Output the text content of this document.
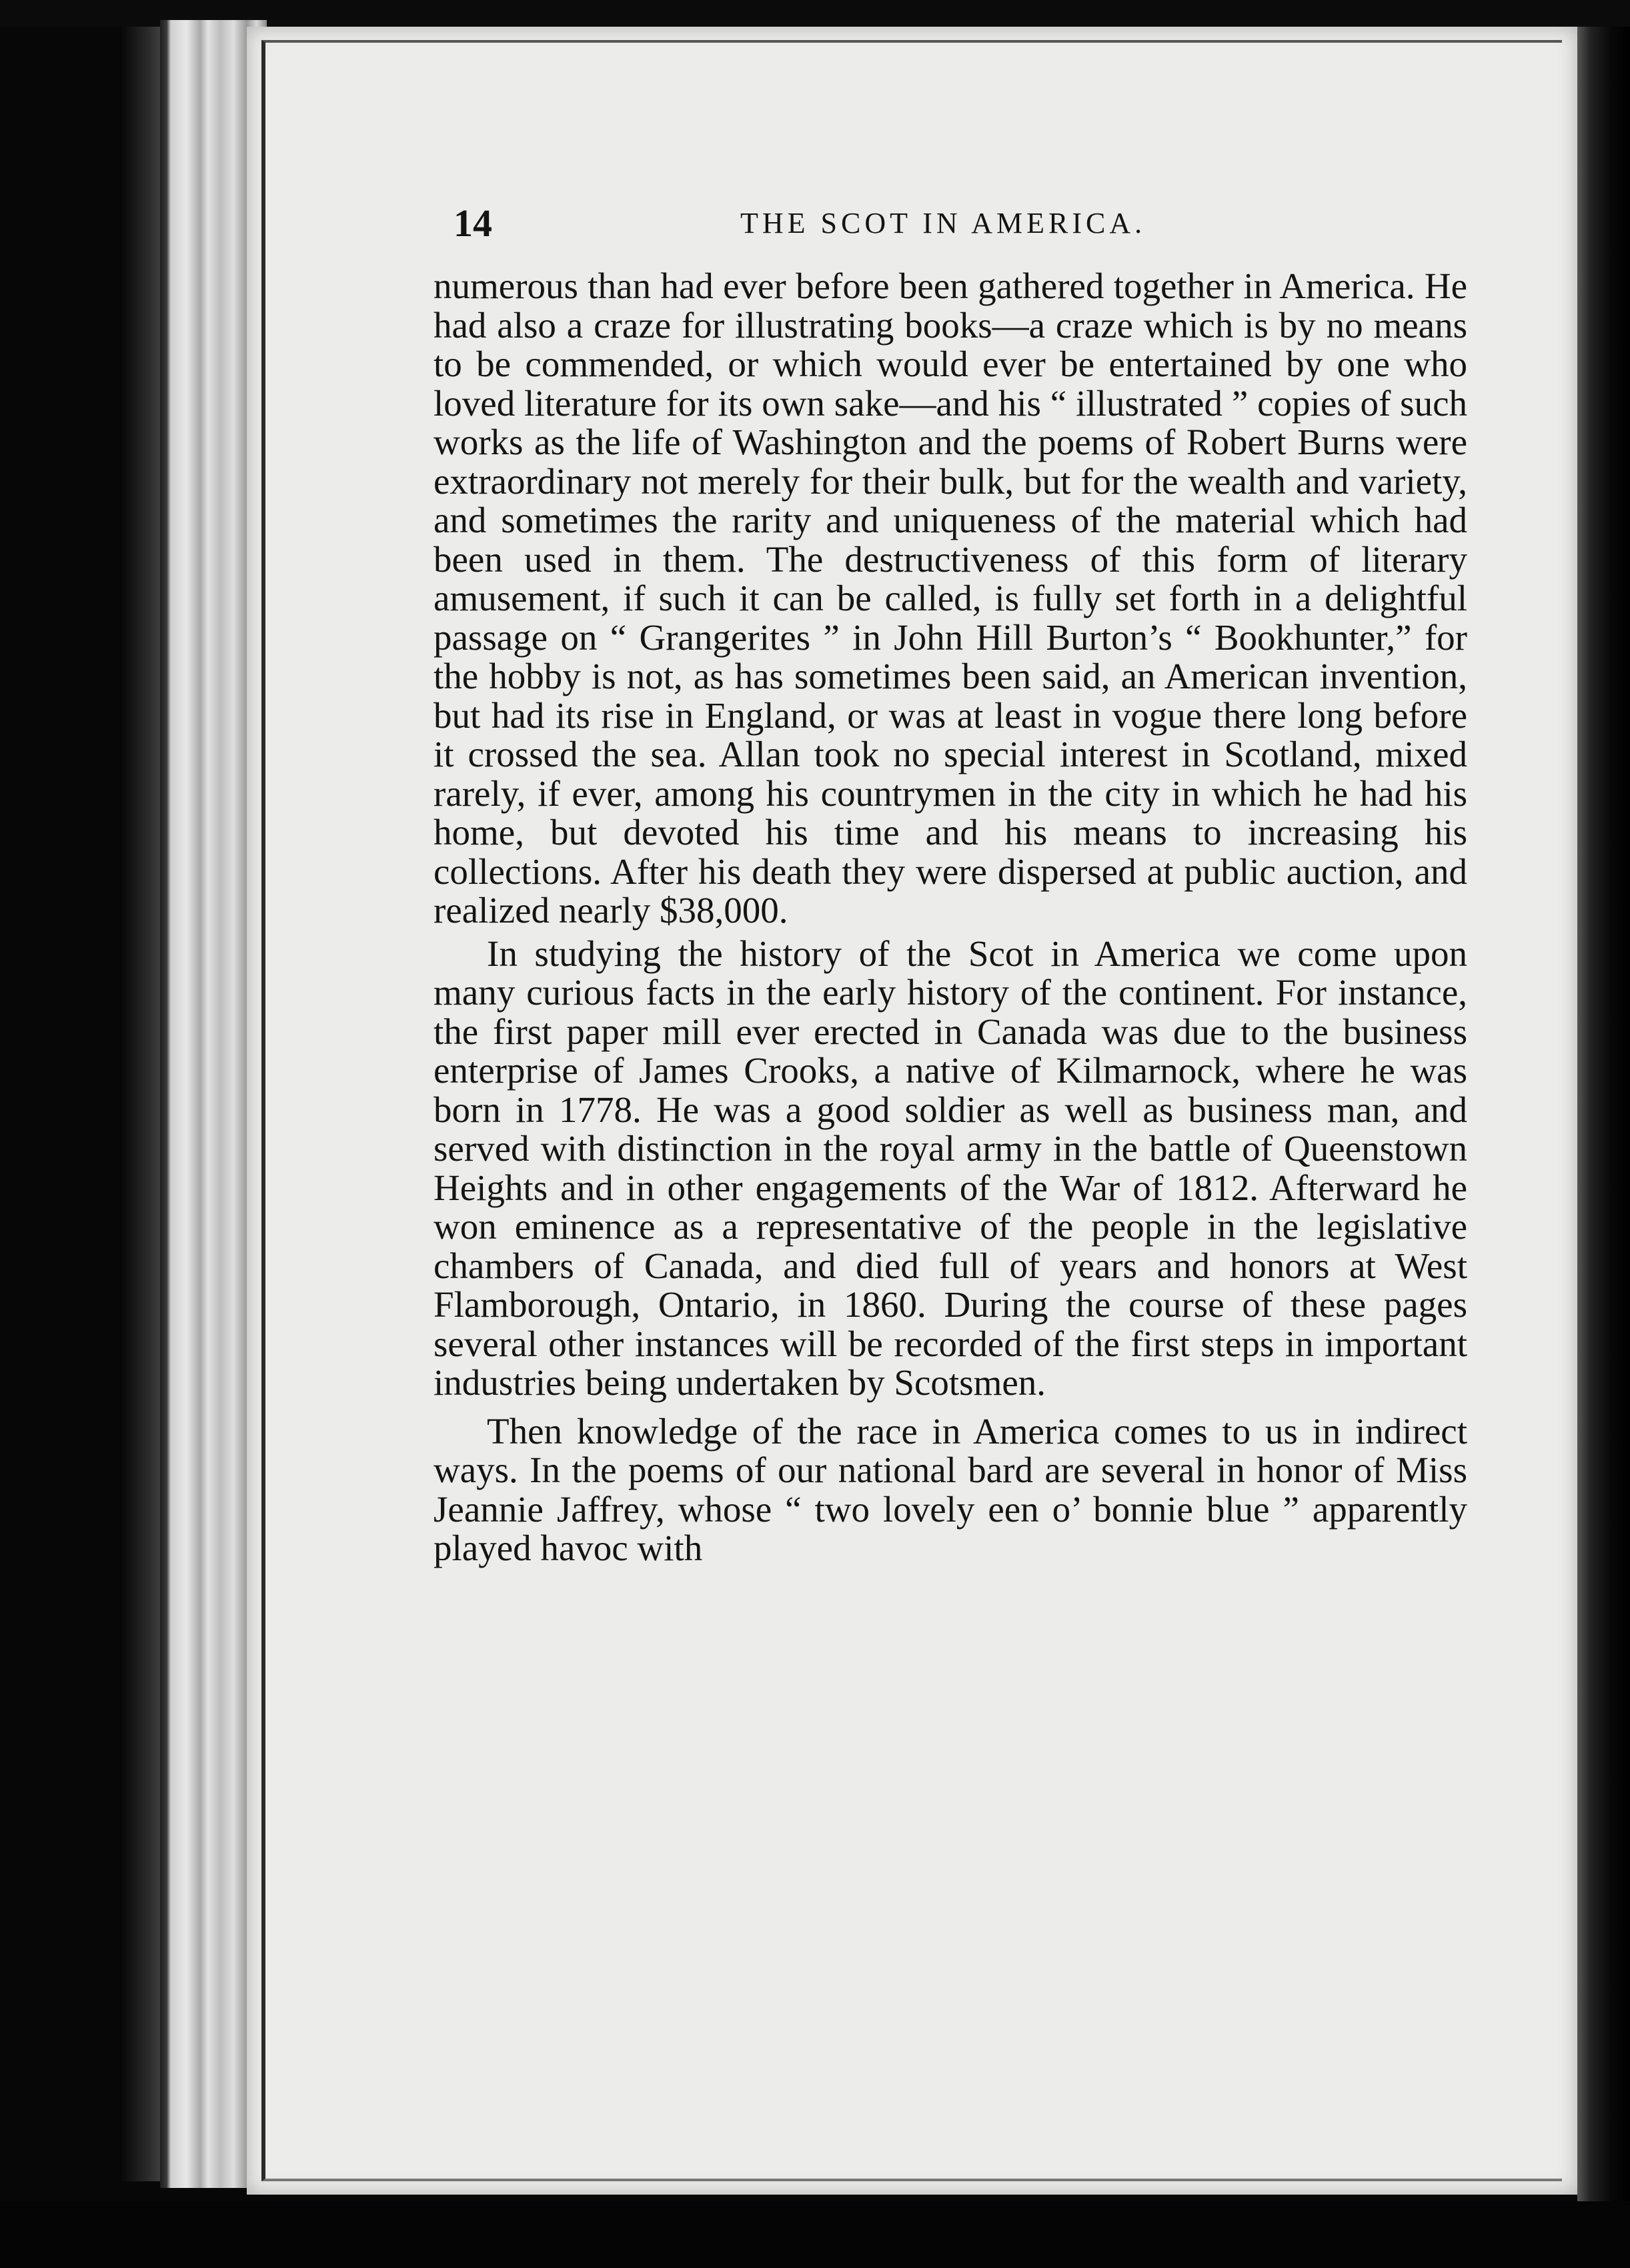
14	THE SCOT IN AMERICA.

numerous than had ever before been gathered together in America. He had also a craze for illustrating books—a craze which is by no means to be commended, or which would ever be entertained by one who loved literature for its own sake—and his “ illustrated ” copies of such works as the life of Washington and the poems of Robert Burns were extraordinary not merely for their bulk, but for the wealth and variety, and sometimes the rarity and uniqueness of the material which had been used in them. The destructiveness of this form of literary amusement, if such it can be called, is fully set forth in a delightful passage on “ Grangerites ” in John Hill Burton’s “ Bookhunter,” for the hobby is not, as has sometimes been said, an American invention, but had its rise in England, or was at least in vogue there long before it crossed the sea. Allan took no special interest in Scotland, mixed rarely, if ever, among his countrymen in the city in which he had his home, but devoted his time and his means to increasing his collections. After his death they were dispersed at public auction, and realized nearly $38,000.

In studying the history of the Scot in America we come upon many curious facts in the early history of the continent. For instance, the first paper mill ever erected in Canada was due to the business enterprise of James Crooks, a native of Kilmarnock, where he was born in 1778. He was a good soldier as well as business man, and served with distinction in the royal army in the battle of Queenstown Heights and in other engagements of the War of 1812. Afterward he won eminence as a representative of the people in the legislative chambers of Canada, and died full of years and honors at West Flamborough, Ontario, in 1860. During the course of these pages several other instances will be recorded of the first steps in important industries being undertaken by Scotsmen.

Then knowledge of the race in America comes to us in indirect ways. In the poems of our national bard are several in honor of Miss Jeannie Jaffrey, whose “ two lovely een o’ bonnie blue ” apparently played havoc with
